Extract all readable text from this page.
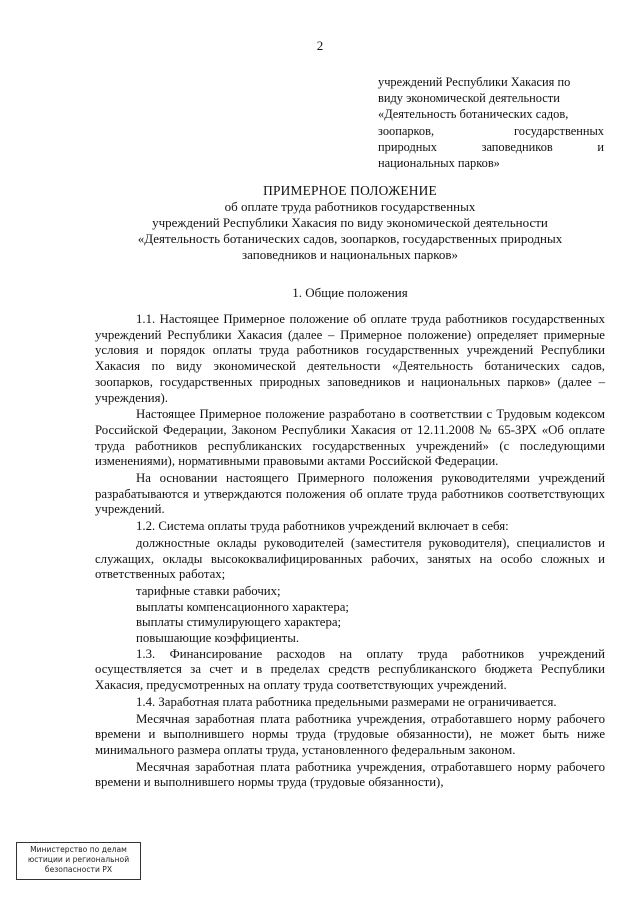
2
учреждений Республики Хакасия по
виду экономической деятельности
«Деятельность ботанических садов,
зоопарков, государственных
природных заповедников и
национальных парков»
ПРИМЕРНОЕ ПОЛОЖЕНИЕ
об оплате труда работников государственных
учреждений Республики Хакасия по виду экономической деятельности
«Деятельность ботанических садов, зоопарков, государственных природных
заповедников и национальных парков»
1. Общие положения

1.1. Настоящее Примерное положение об оплате труда работников государственных учреждений Республики Хакасия (далее – Примерное положение) определяет примерные условия и порядок оплаты труда работников государственных учреждений Республики Хакасия по виду экономической деятельности «Деятельность ботанических садов, зоопарков, государственных природных заповедников и национальных парков» (далее – учреждения).

Настоящее Примерное положение разработано в соответствии с Трудовым кодексом Российской Федерации, Законом Республики Хакасия от 12.11.2008 № 65-ЗРХ «Об оплате труда работников республиканских государственных учреждений» (с последующими изменениями), нормативными правовыми актами Российской Федерации.

На основании настоящего Примерного положения руководителями учреждений разрабатываются и утверждаются положения об оплате труда работников соответствующих учреждений.

1.2. Система оплаты труда работников учреждений включает в себя:

должностные оклады руководителей (заместителя руководителя), специалистов и служащих, оклады высококвалифицированных рабочих, занятых на особо сложных и ответственных работах;

тарифные ставки рабочих;

выплаты компенсационного характера;

выплаты стимулирующего характера;

повышающие коэффициенты.

1.3. Финансирование расходов на оплату труда работников учреждений осуществляется за счет и в пределах средств республиканского бюджета Республики Хакасия, предусмотренных на оплату труда соответствующих учреждений.

1.4. Заработная плата работника предельными размерами не ограничивается.

Месячная заработная плата работника учреждения, отработавшего норму рабочего времени и выполнившего нормы труда (трудовые обязанности), не может быть ниже минимального размера оплаты труда, установленного федеральным законом.

Месячная заработная плата работника учреждения, отработавшего норму рабочего времени и выполнившего нормы труда (трудовые обязанности),

Министерство по делам
юстиции и региональной
безопасности РХ
